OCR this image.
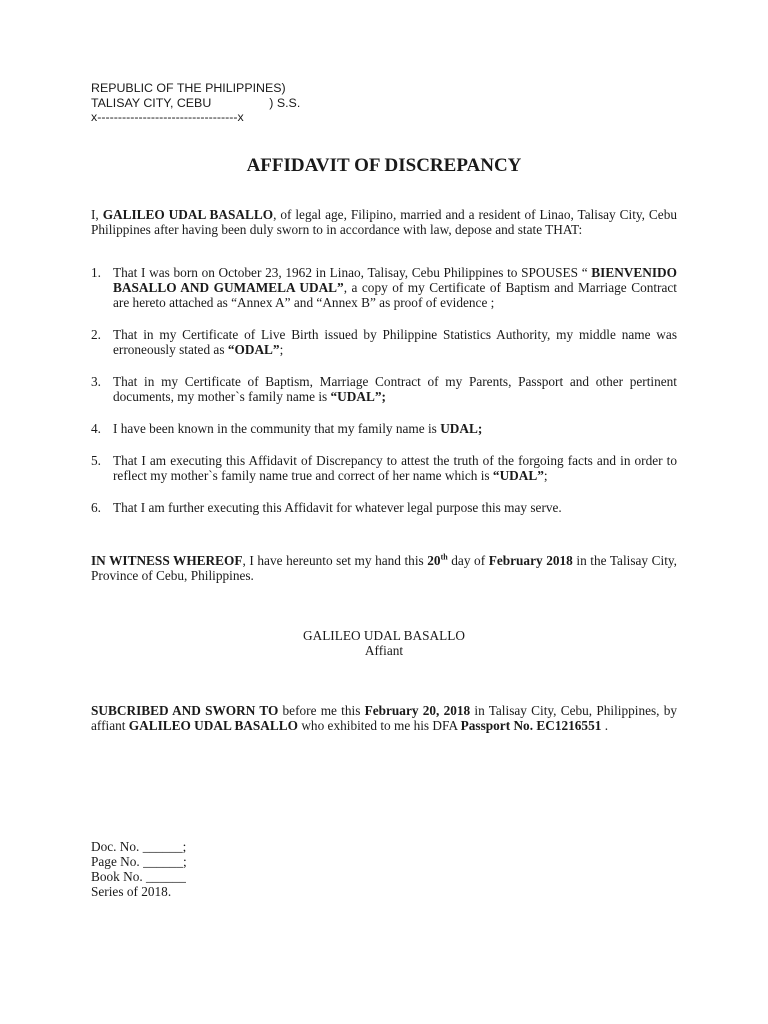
REPUBLIC OF THE PHILIPPINES)
TALISAY CITY, CEBU	) S.S.
x----------------------------------x
AFFIDAVIT OF DISCREPANCY
I, GALILEO UDAL BASALLO, of legal age, Filipino, married and a resident of Linao, Talisay City, Cebu Philippines after having been duly sworn to in accordance with law, depose and state THAT:
1. That I was born on October 23, 1962 in Linao, Talisay, Cebu Philippines to SPOUSES “ BIENVENIDO BASALLO AND GUMAMELA UDAL”, a copy of my Certificate of Baptism and Marriage Contract are hereto attached as “Annex A” and “Annex B” as proof of evidence ;
2. That in my Certificate of Live Birth issued by Philippine Statistics Authority, my middle name was erroneously stated as “ODAL”;
3. That in my Certificate of Baptism, Marriage Contract of my Parents, Passport and other pertinent documents, my mother`s family name is “UDAL”;
4. I have been known in the community that my family name is UDAL;
5. That I am executing this Affidavit of Discrepancy to attest the truth of the forgoing facts and in order to reflect my mother`s family name true and correct of her name which is “UDAL”;
6. That I am further executing this Affidavit for whatever legal purpose this may serve.
IN WITNESS WHEREOF, I have hereunto set my hand this 20th day of February 2018 in the Talisay City, Province of Cebu, Philippines.
GALILEO UDAL BASALLO
Affiant
SUBCRIBED AND SWORN TO before me this February 20, 2018 in Talisay City, Cebu, Philippines, by affiant GALILEO UDAL BASALLO who exhibited to me his DFA Passport No. EC1216551 .
Doc. No. ______;
Page No. ______;
Book No. ______
Series of 2018.
